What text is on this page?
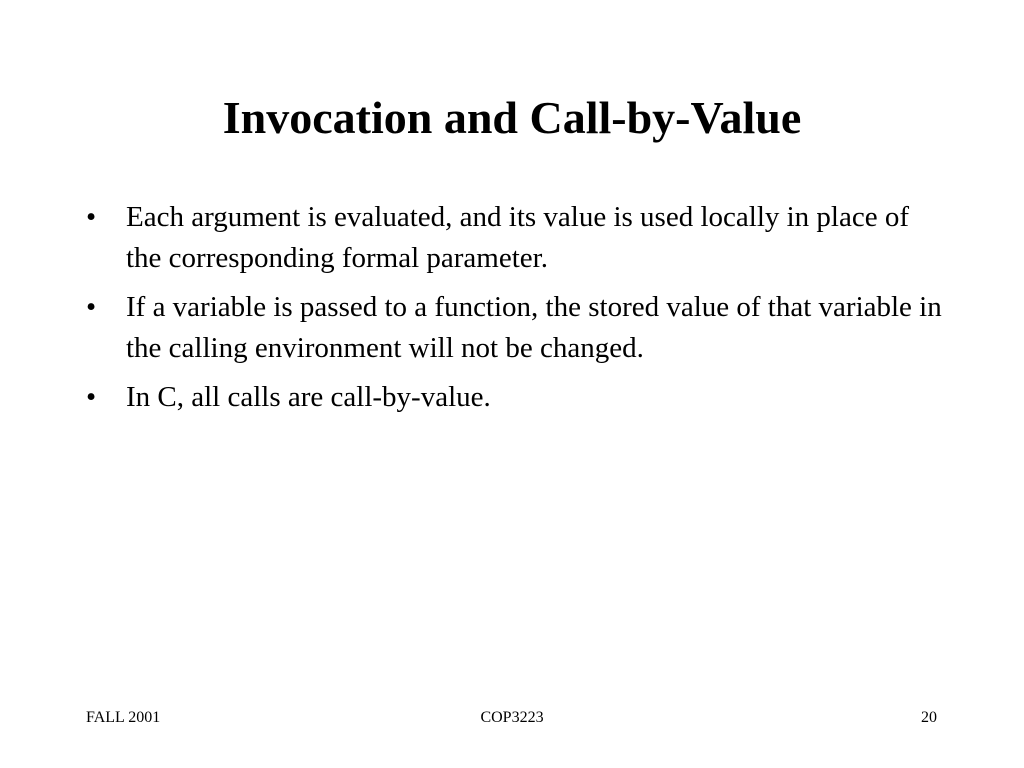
Invocation and Call-by-Value
•	Each argument is evaluated, and its value is used locally in place of the corresponding formal parameter.
•	If a variable is passed to a function, the stored value of that variable in the calling environment will not be changed.
•	In C, all calls are call-by-value.
FALL 2001	COP3223	20
